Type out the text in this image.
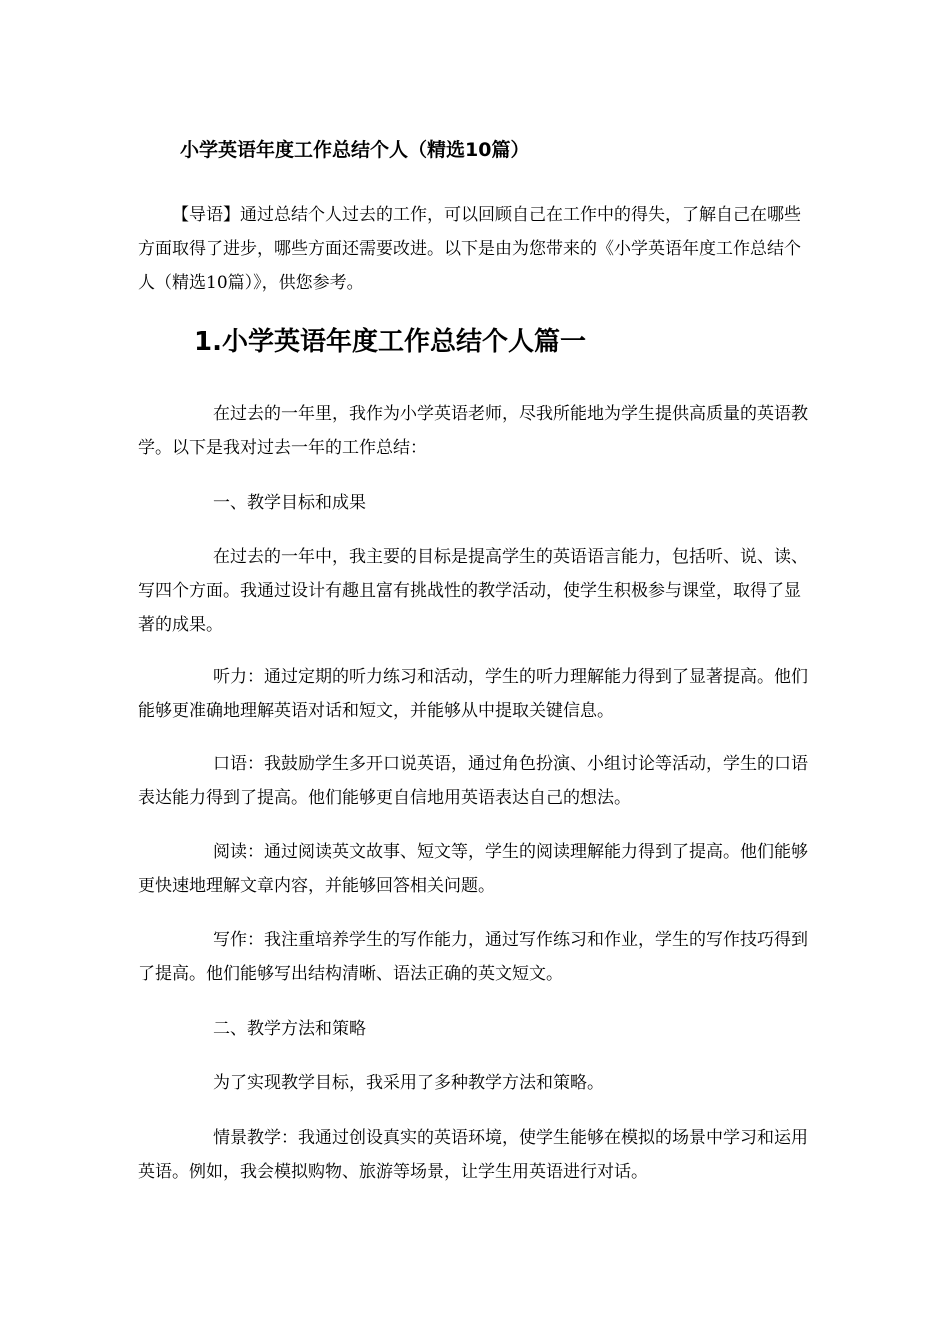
小学英语年度工作总结个人（精选10篇）

【导语】通过总结个人过去的工作，可以回顾自己在工作中的得失，了解自己在哪些方面取得了进步，哪些方面还需要改进。以下是由为您带来的《小学英语年度工作总结个人（精选10篇）》，供您参考。

1.小学英语年度工作总结个人篇一

在过去的一年里，我作为小学英语老师，尽我所能地为学生提供高质量的英语教学。以下是我对过去一年的工作总结：

一、教学目标和成果

在过去的一年中，我主要的目标是提高学生的英语语言能力，包括听、说、读、写四个方面。我通过设计有趣且富有挑战性的教学活动，使学生积极参与课堂，取得了显著的成果。

听力：通过定期的听力练习和活动，学生的听力理解能力得到了显著提高。他们能够更准确地理解英语对话和短文，并能够从中提取关键信息。

口语：我鼓励学生多开口说英语，通过角色扮演、小组讨论等活动，学生的口语表达能力得到了提高。他们能够更自信地用英语表达自己的想法。

阅读：通过阅读英文故事、短文等，学生的阅读理解能力得到了提高。他们能够更快速地理解文章内容，并能够回答相关问题。

写作：我注重培养学生的写作能力，通过写作练习和作业，学生的写作技巧得到了提高。他们能够写出结构清晰、语法正确的英文短文。

二、教学方法和策略

为了实现教学目标，我采用了多种教学方法和策略。

情景教学：我通过创设真实的英语环境，使学生能够在模拟的场景中学习和运用英语。例如，我会模拟购物、旅游等场景，让学生用英语进行对话。
